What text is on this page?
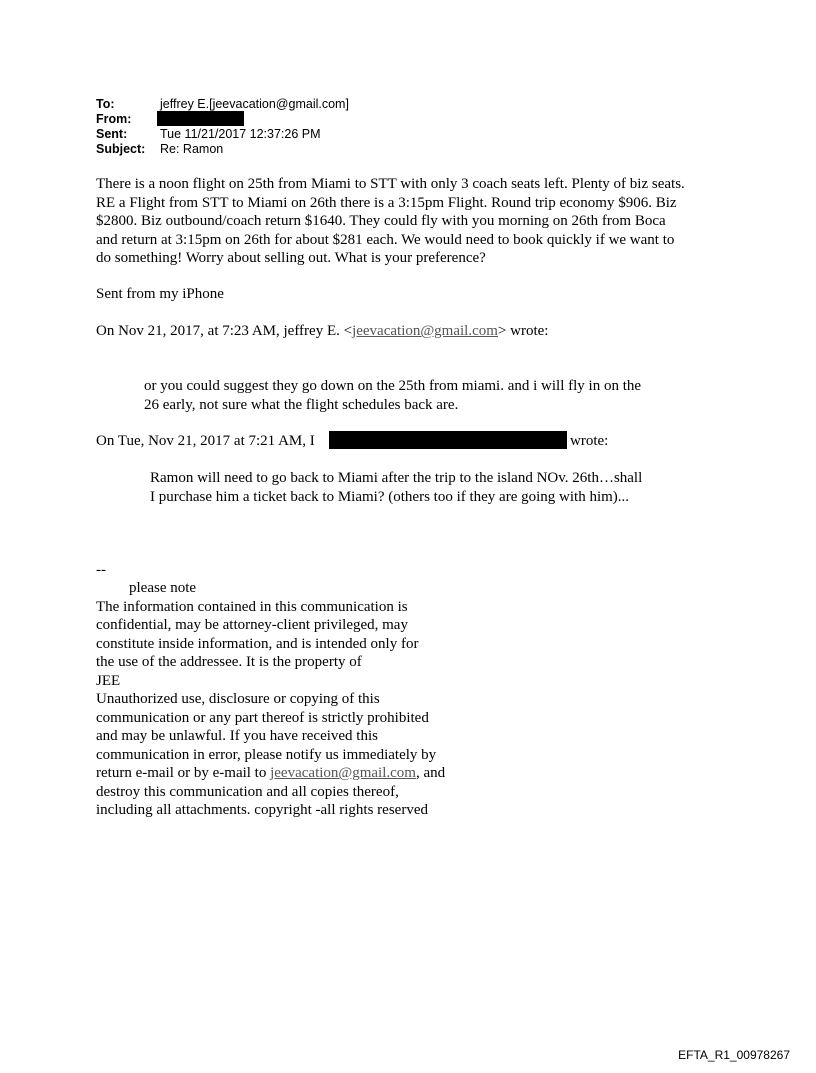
To:	jeffrey E.[jeevacation@gmail.com]
From:
Sent:	Tue 11/21/2017 12:37:26 PM
Subject: Re: Ramon
There is a noon flight on 25th from Miami to STT with only 3 coach seats left. Plenty of biz seats.
RE a Flight from STT to Miami on 26th there is a 3:15pm Flight. Round trip economy $906. Biz
$2800. Biz outbound/coach return $1640. They could fly with you morning on 26th from Boca
and return at 3:15pm on 26th for about $281 each. We would need to book quickly if we want to
do something! Worry about selling out. What is your preference?
Sent from my iPhone
On Nov 21, 2017, at 7:23 AM, jeffrey E. <jeevacation@gmail.com> wrote:
or you could suggest they go down on the 25th from miami. and i will fly in on the
26 early, not sure what the flight schedules back are.
On Tue, Nov 21, 2017 at 7:21 AM, I	wrote:
Ramon will need to go back to Miami after the trip to the island NOv. 26th…shall
I purchase him a ticket back to Miami? (others too if they are going with him)...
--
please note
The information contained in this communication is
confidential, may be attorney-client privileged, may
constitute inside information, and is intended only for
the use of the addressee. It is the property of
JEE
Unauthorized use, disclosure or copying of this
communication or any part thereof is strictly prohibited
and may be unlawful. If you have received this
communication in error, please notify us immediately by
return e-mail or by e-mail to jeevacation@gmail.com, and
destroy this communication and all copies thereof,
including all attachments. copyright -all rights reserved
EFTA_R1_00978267
